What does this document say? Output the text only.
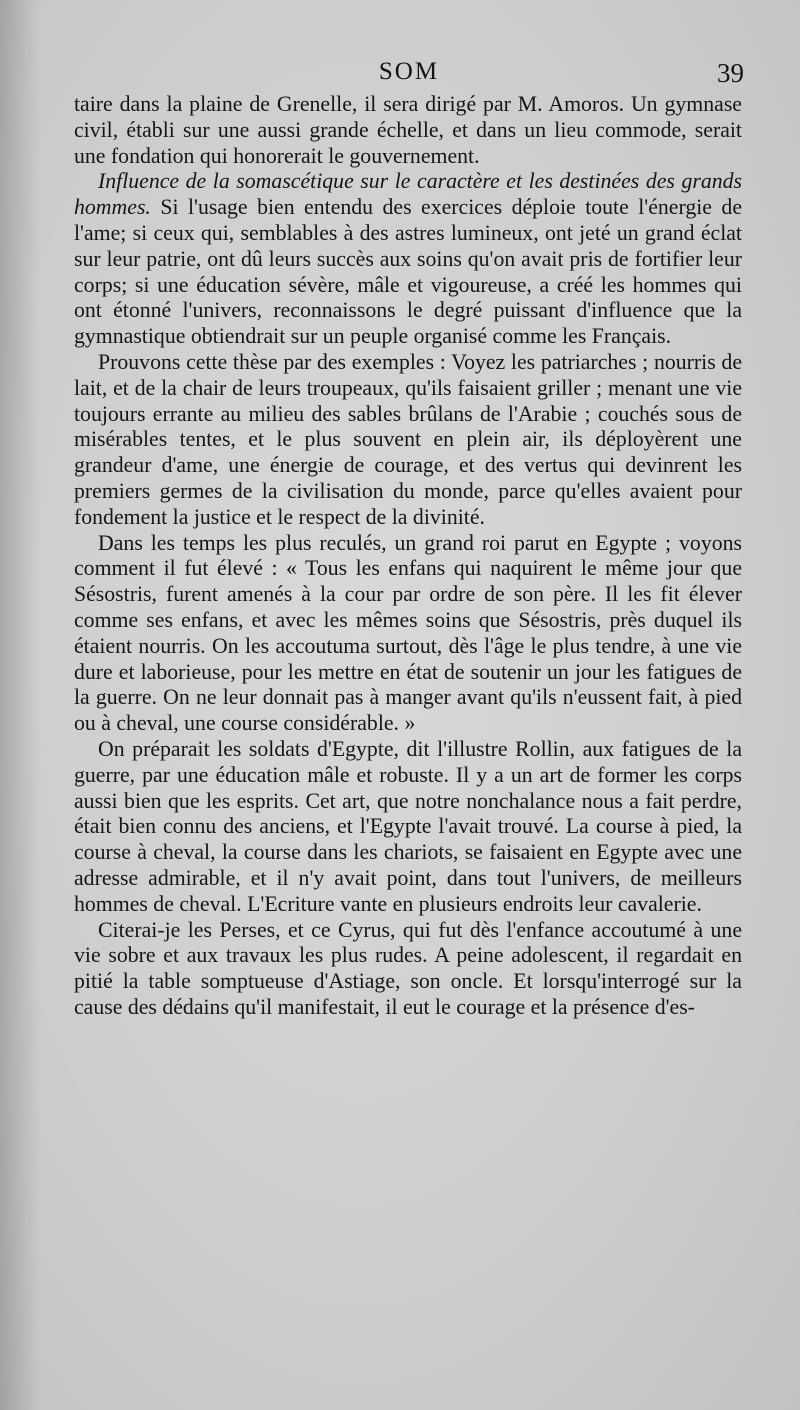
SOM	39

taire dans la plaine de Grenelle, il sera dirigé par M. Amoros. Un gymnase civil, établi sur une aussi grande échelle, et dans un lieu commode, serait une fondation qui honorerait le gouvernement.

Influence de la somascétique sur le caractère et les destinées des grands hommes. Si l'usage bien entendu des exercices déploie toute l'énergie de l'ame; si ceux qui, semblables à des astres lumineux, ont jeté un grand éclat sur leur patrie, ont dû leurs succès aux soins qu'on avait pris de fortifier leur corps; si une éducation sévère, mâle et vigoureuse, a créé les hommes qui ont étonné l'univers, reconnaissons le degré puissant d'influence que la gymnastique obtiendrait sur un peuple organisé comme les Français.

Prouvons cette thèse par des exemples : Voyez les patriarches ; nourris de lait, et de la chair de leurs troupeaux, qu'ils faisaient griller ; menant une vie toujours errante au milieu des sables brûlans de l'Arabie ; couchés sous de misérables tentes, et le plus souvent en plein air, ils déployèrent une grandeur d'ame, une énergie de courage, et des vertus qui devinrent les premiers germes de la civilisation du monde, parce qu'elles avaient pour fondement la justice et le respect de la divinité.

Dans les temps les plus reculés, un grand roi parut en Egypte ; voyons comment il fut élevé : « Tous les enfans qui naquirent le même jour que Sésostris, furent amenés à la cour par ordre de son père. Il les fit élever comme ses enfans, et avec les mêmes soins que Sésostris, près duquel ils étaient nourris. On les accoutuma surtout, dès l'âge le plus tendre, à une vie dure et laborieuse, pour les mettre en état de soutenir un jour les fatigues de la guerre. On ne leur donnait pas à manger avant qu'ils n'eussent fait, à pied ou à cheval, une course considérable. »

On préparait les soldats d'Egypte, dit l'illustre Rollin, aux fatigues de la guerre, par une éducation mâle et robuste. Il y a un art de former les corps aussi bien que les esprits. Cet art, que notre nonchalance nous a fait perdre, était bien connu des anciens, et l'Egypte l'avait trouvé. La course à pied, la course à cheval, la course dans les chariots, se faisaient en Egypte avec une adresse admirable, et il n'y avait point, dans tout l'univers, de meilleurs hommes de cheval. L'Ecriture vante en plusieurs endroits leur cavalerie.

Citerai-je les Perses, et ce Cyrus, qui fut dès l'enfance accoutumé à une vie sobre et aux travaux les plus rudes. A peine adolescent, il regardait en pitié la table somptueuse d'Astiage, son oncle. Et lorsqu'interrogé sur la cause des dédains qu'il manifestait, il eut le courage et la présence d'es-
